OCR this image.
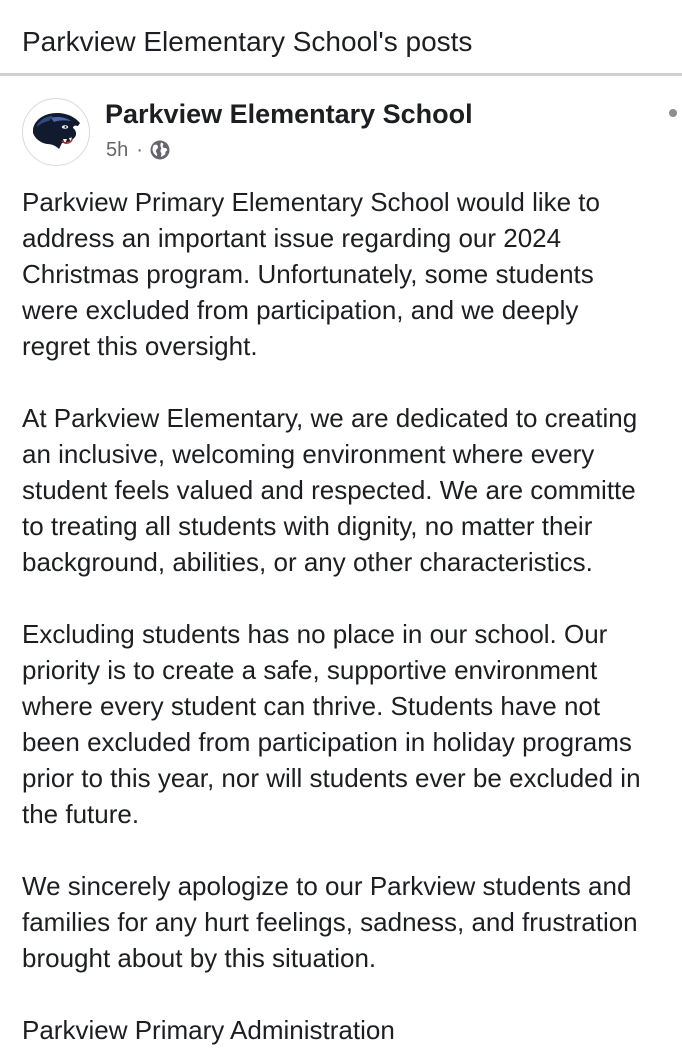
Parkview Elementary School's posts
Parkview Elementary School
5h ·

Parkview Primary Elementary School would like to
address an important issue regarding our 2024
Christmas program. Unfortunately, some students
were excluded from participation, and we deeply
regret this oversight.

At Parkview Elementary, we are dedicated to creating
an inclusive, welcoming environment where every
student feels valued and respected. We are committe
to treating all students with dignity, no matter their
background, abilities, or any other characteristics.

Excluding students has no place in our school. Our
priority is to create a safe, supportive environment
where every student can thrive. Students have not
been excluded from participation in holiday programs
prior to this year, nor will students ever be excluded in
the future.

We sincerely apologize to our Parkview students and
families for any hurt feelings, sadness, and frustration
brought about by this situation.

Parkview Primary Administration
